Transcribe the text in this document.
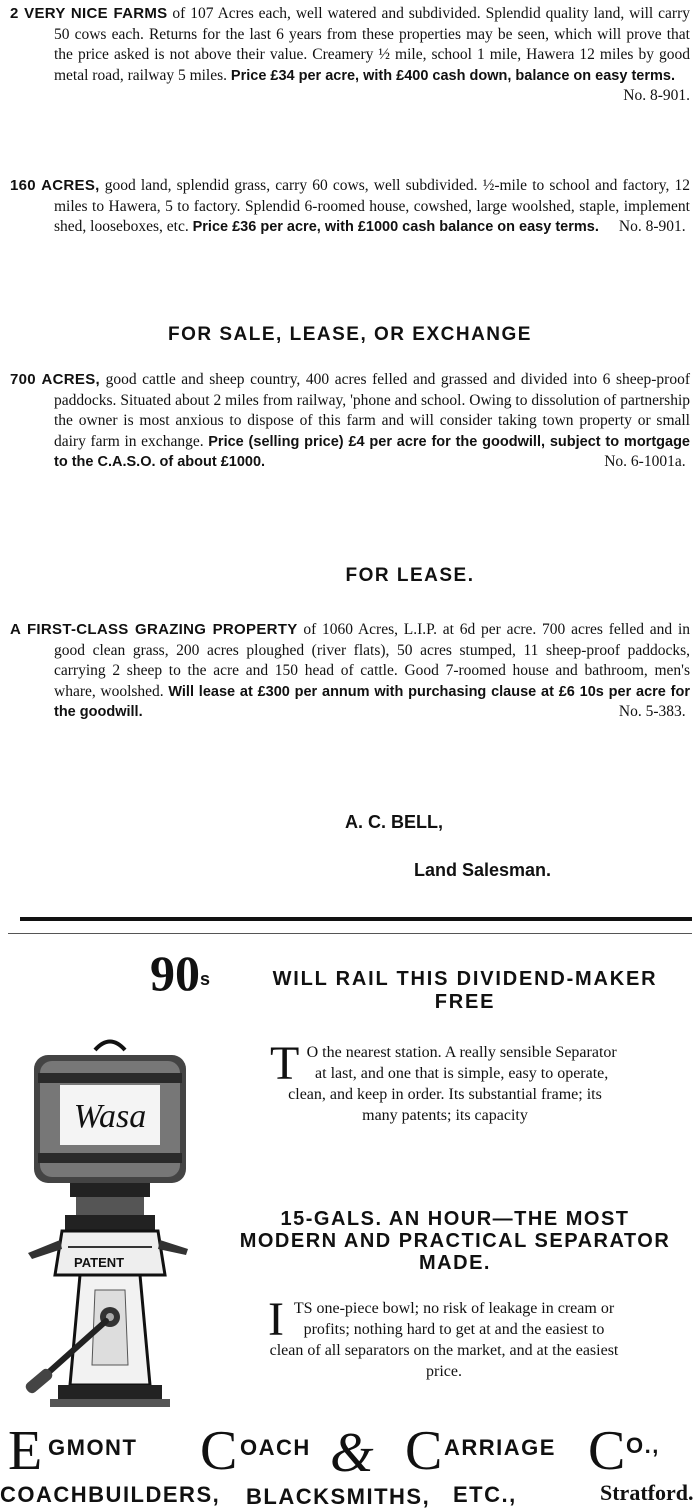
2 VERY NICE FARMS of 107 Acres each, well watered and subdivided. Splendid quality land, will carry 50 cows each. Returns for the last 6 years from these properties may be seen, which will prove that the price asked is not above their value. Creamery ½ mile, school 1 mile, Hawera 12 miles by good metal road, railway 5 miles. Price £34 per acre, with £400 cash down, balance on easy terms.

No. 8-901.

160 ACRES, good land, splendid grass, carry 60 cows, well subdivided. ½-mile to school and factory, 12 miles to Hawera, 5 to factory. Splendid 6-roomed house, cowshed, large woolshed, staple, implement shed, looseboxes, etc. Price £36 per acre, with £1000 cash balance on easy terms. No. 8-901.

FOR SALE, LEASE, OR EXCHANGE

700 ACRES, good cattle and sheep country, 400 acres felled and grassed and divided into 6 sheep-proof paddocks. Situated about 2 miles from railway, 'phone and school. Owing to dissolution of partnership the owner is most anxious to dispose of this farm and will consider taking town property or small dairy farm in exchange. Price (selling price) £4 per acre for the goodwill, subject to mortgage to the C.A.S.O. of about £1000.	No. 6-1001a.

FOR LEASE.

A FIRST-CLASS GRAZING PROPERTY of 1060 Acres, L.I.P. at 6d per acre. 700 acres felled and in good clean grass, 200 acres ploughed (river flats), 50 acres stumped, 11 sheep-proof paddocks, carrying 2 sheep to the acre and 150 head of cattle. Good 7-roomed house and bathroom, men's whare, woolshed. Will lease at £300 per annum with purchasing clause at £6 10s per acre for the goodwill.	No. 5-383.

A. C. BELL,
Land Salesman.
90$^s$	WILL RAIL THIS DIVIDEND-MAKER
FREE
Wasa
PATENT
T O the nearest station. A really sensible Separator at last, and one that is simple, easy to operate, clean, and keep in order. Its substantial frame; its many patents; its capacity
15-GALS. AN HOUR—THE MOST
MODERN AND PRACTICAL SEPARATOR
MADE.
ITS one-piece bowl; no risk of leakage in cream or profits; nothing hard to get at and the easiest to clean of all separators on the market, and at the easiest price.
E GMONT C OACH & C ARRIAGE C O.,
COACHBUILDERS, BLACKSMITHS, ETC.,	Stratford.
